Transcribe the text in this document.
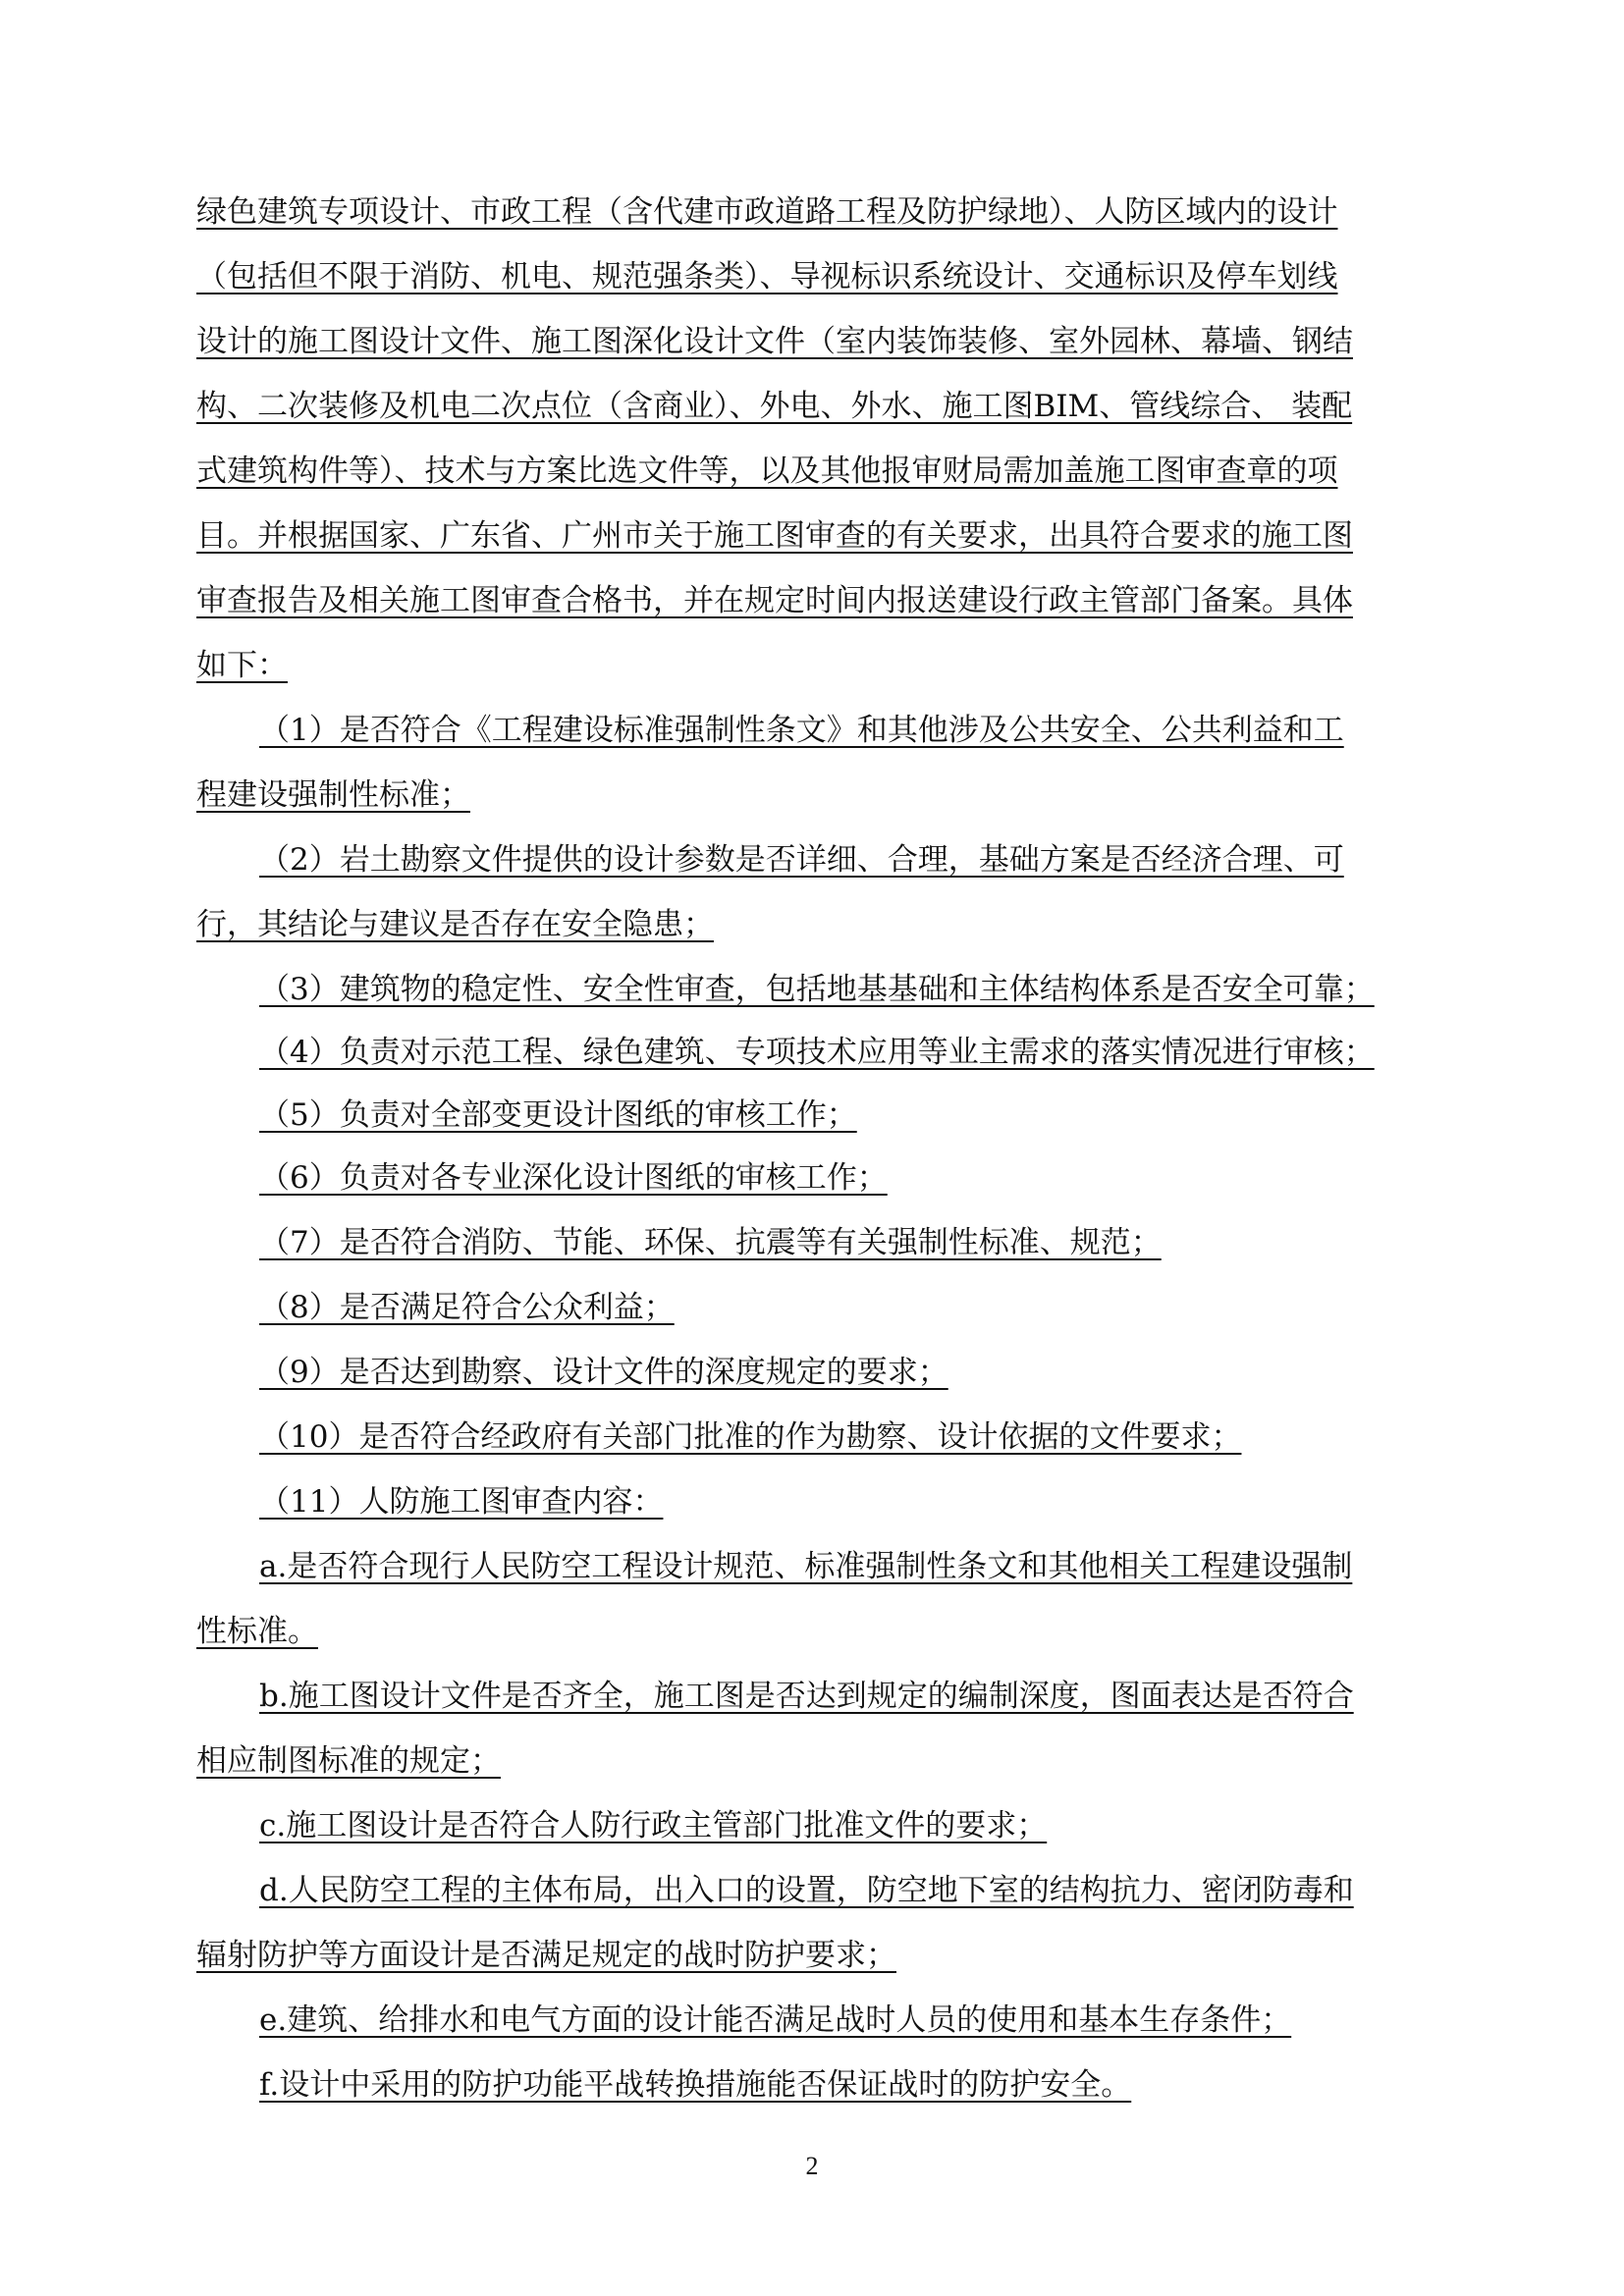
绿色建筑专项设计、市政工程（含代建市政道路工程及防护绿地）、人防区域内的设计
（包括但不限于消防、机电、规范强条类）、导视标识系统设计、交通标识及停车划线
设计的施工图设计文件、施工图深化设计文件（室内装饰装修、室外园林、幕墙、钢结
构、二次装修及机电二次点位（含商业）、外电、外水、施工图BIM、管线综合、 装配
式建筑构件等）、技术与方案比选文件等，以及其他报审财局需加盖施工图审查章的项
目。并根据国家、广东省、广州市关于施工图审查的有关要求，出具符合要求的施工图
审查报告及相关施工图审查合格书，并在规定时间内报送建设行政主管部门备案。具体
如下：
（1）是否符合《工程建设标准强制性条文》和其他涉及公共安全、公共利益和工
程建设强制性标准；
（2）岩土勘察文件提供的设计参数是否详细、合理，基础方案是否经济合理、可
行，其结论与建议是否存在安全隐患；
（3）建筑物的稳定性、安全性审查，包括地基基础和主体结构体系是否安全可靠；
（4）负责对示范工程、绿色建筑、专项技术应用等业主需求的落实情况进行审核；
（5）负责对全部变更设计图纸的审核工作；
（6）负责对各专业深化设计图纸的审核工作；
（7）是否符合消防、节能、环保、抗震等有关强制性标准、规范；
（8）是否满足符合公众利益；
（9）是否达到勘察、设计文件的深度规定的要求；
（10）是否符合经政府有关部门批准的作为勘察、设计依据的文件要求；
（11）人防施工图审查内容：
a.是否符合现行人民防空工程设计规范、标准强制性条文和其他相关工程建设强制
性标准。
b.施工图设计文件是否齐全，施工图是否达到规定的编制深度，图面表达是否符合
相应制图标准的规定；
c.施工图设计是否符合人防行政主管部门批准文件的要求；
d.人民防空工程的主体布局，出入口的设置，防空地下室的结构抗力、密闭防毒和
辐射防护等方面设计是否满足规定的战时防护要求；
e.建筑、给排水和电气方面的设计能否满足战时人员的使用和基本生存条件；
f.设计中采用的防护功能平战转换措施能否保证战时的防护安全。
2
